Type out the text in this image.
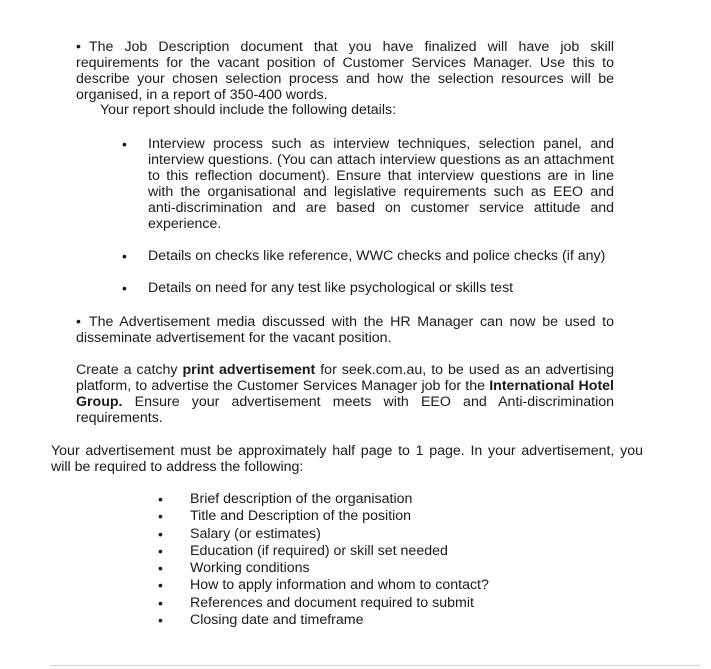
• The Job Description document that you have finalized will have job skill requirements for the vacant position of Customer Services Manager. Use this to describe your chosen selection process and how the selection resources will be organised, in a report of 350-400 words.
Your report should include the following details:
• Interview process such as interview techniques, selection panel, and interview questions. (You can attach interview questions as an attachment to this reflection document). Ensure that interview questions are in line with the organisational and legislative requirements such as EEO and anti-discrimination and are based on customer service attitude and experience.
• Details on checks like reference, WWC checks and police checks (if any)
• Details on need for any test like psychological or skills test
• The Advertisement media discussed with the HR Manager can now be used to disseminate advertisement for the vacant position.
Create a catchy print advertisement for seek.com.au, to be used as an advertising platform, to advertise the Customer Services Manager job for the International Hotel Group. Ensure your advertisement meets with EEO and Anti-discrimination requirements.
Your advertisement must be approximately half page to 1 page. In your advertisement, you will be required to address the following:
• Brief description of the organisation
• Title and Description of the position
• Salary (or estimates)
• Education (if required) or skill set needed
• Working conditions
• How to apply information and whom to contact?
• References and document required to submit
• Closing date and timeframe
